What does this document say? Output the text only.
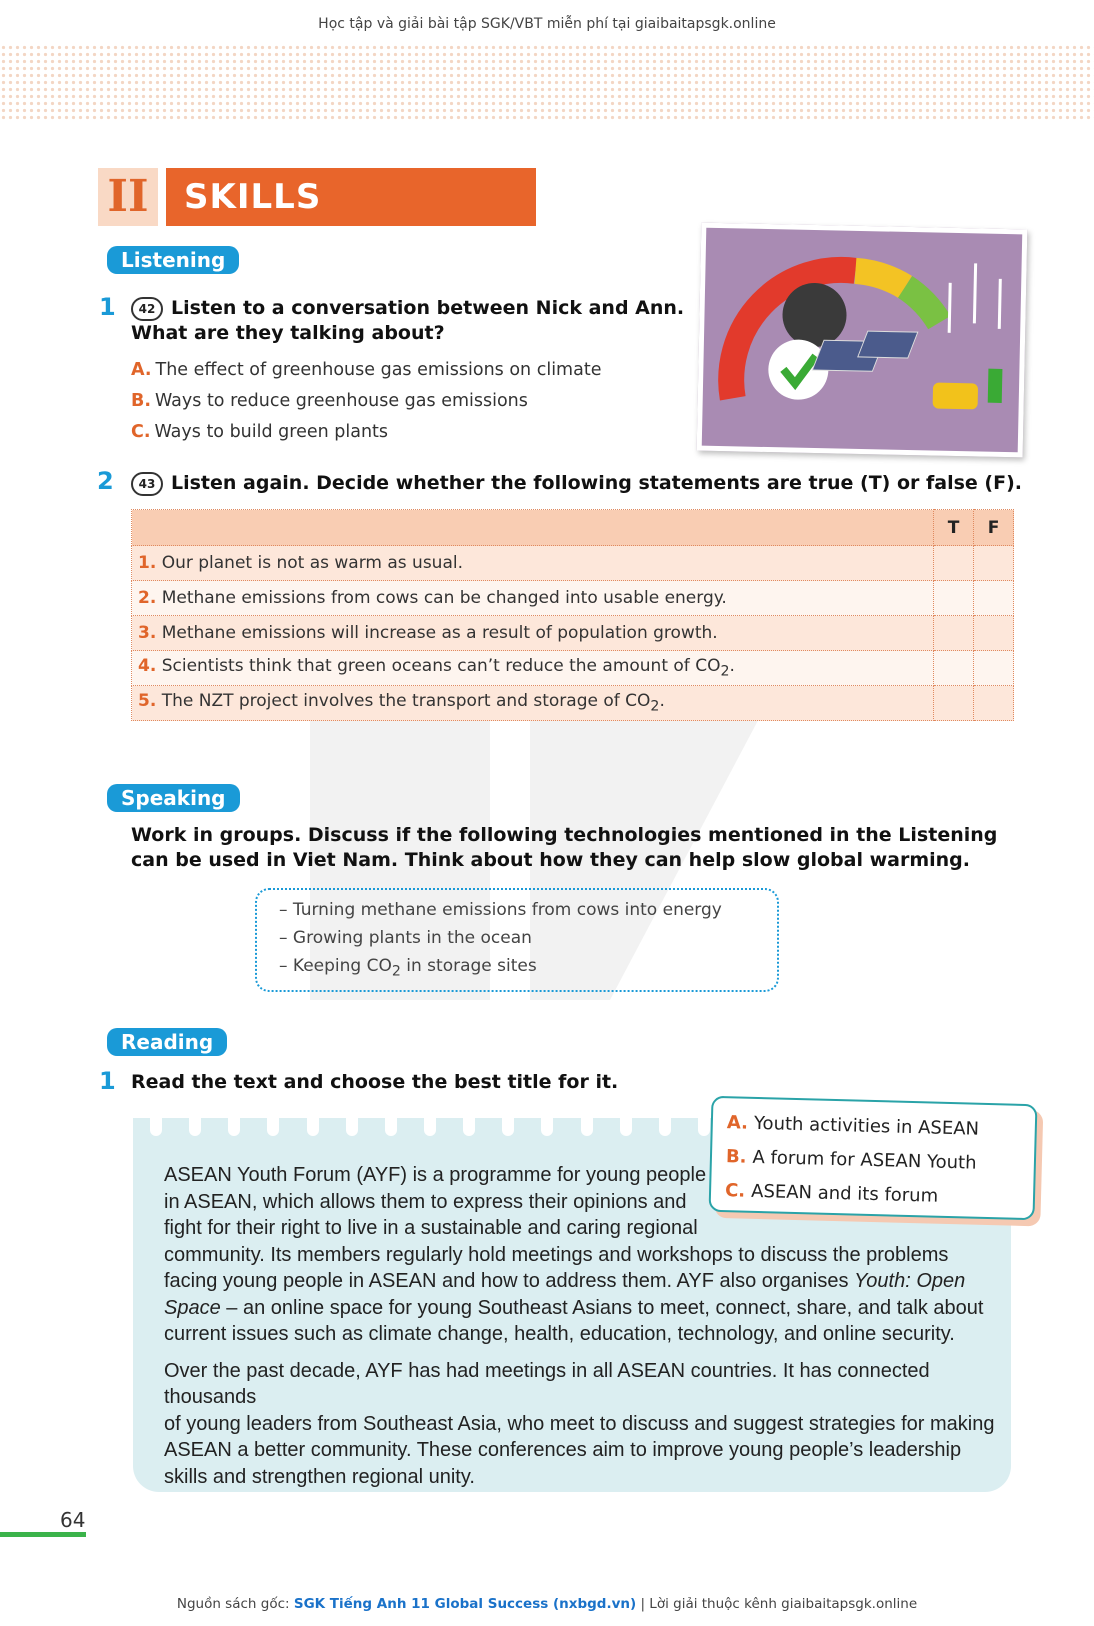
Học tập và giải bài tập SGK/VBT miễn phí tại giaibaitapsgk.online
II	SKILLS
Listening
1	42 Listen to a conversation between Nick and Ann.
What are they talking about?
A. The effect of greenhouse gas emissions on climate
B. Ways to reduce greenhouse gas emissions
C. Ways to build green plants
2	43 Listen again. Decide whether the following statements are true (T) or false (F).
	T	F
1. Our planet is not as warm as usual.		
2. Methane emissions from cows can be changed into usable energy.		
3. Methane emissions will increase as a result of population growth.		
4. Scientists think that green oceans can’t reduce the amount of $CO_2$.		
5. The NZT project involves the transport and storage of $CO_2$.		
Speaking
Work in groups. Discuss if the following technologies mentioned in the Listening
can be used in Viet Nam. Think about how they can help slow global warming.
– Turning methane emissions from cows into energy
– Growing plants in the ocean
– Keeping $CO_2$ in storage sites
Reading
1 Read the text and choose the best title for it.

ASEAN Youth Forum (AYF) is a programme for young people
in ASEAN, which allows them to express their opinions and
fight for their right to live in a sustainable and caring regional
community. Its members regularly hold meetings and workshops to discuss the problems
facing young people in ASEAN and how to address them. AYF also organises Youth: Open
Space – an online space for young Southeast Asians to meet, connect, share, and talk about
current issues such as climate change, health, education, technology, and online security.

Over the past decade, AYF has had meetings in all ASEAN countries. It has connected thousands
of young leaders from Southeast Asia, who meet to discuss and suggest strategies for making
ASEAN a better community. These conferences aim to improve young people’s leadership
skills and strengthen regional unity.

A. Youth activities in ASEAN
B. A forum for ASEAN Youth
C. ASEAN and its forum
64
Nguồn sách gốc: SGK Tiếng Anh 11 Global Success (nxbgd.vn) | Lời giải thuộc kênh giaibaitapsgk.online
